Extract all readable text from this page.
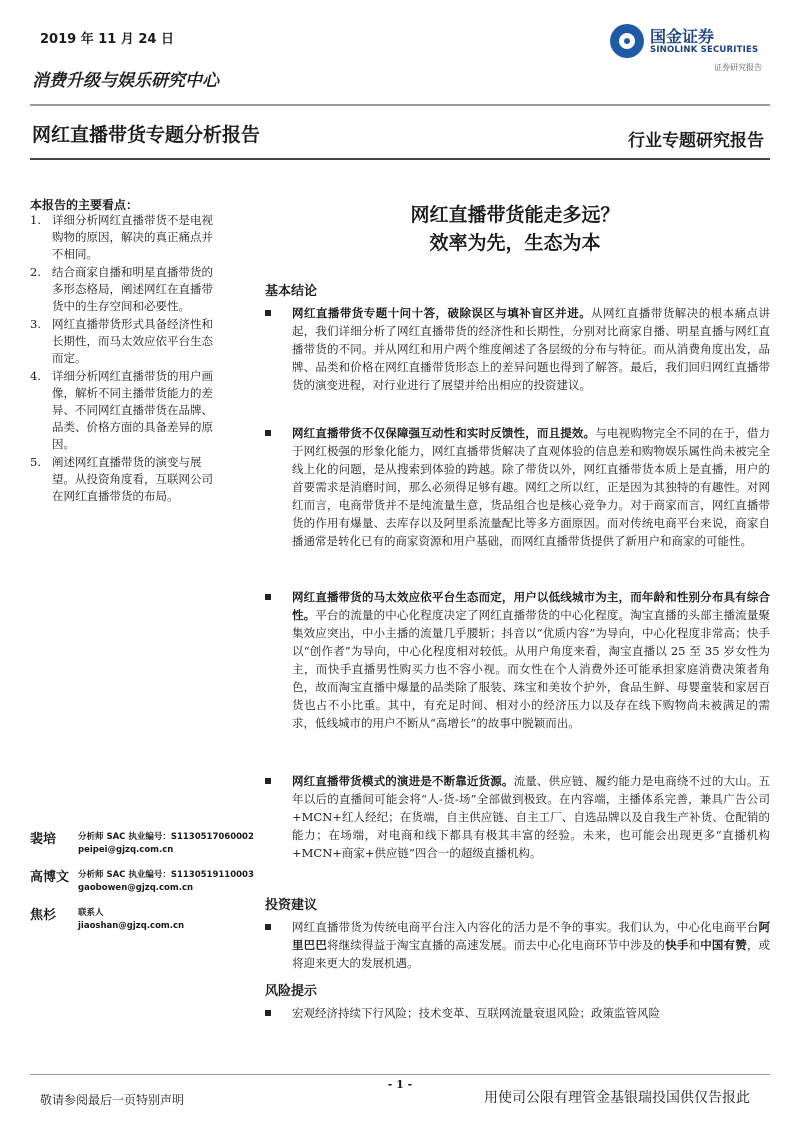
2019 年 11 月 24 日	国金证券
SINOLINK SECURITIES
证券研究报告
消费升级与娱乐研究中心
网红直播带货专题分析报告	行业专题研究报告
本报告的主要看点：
1. 详细分析网红直播带货不是电视购物的原因，解决的真正痛点并不相同。
2. 结合商家自播和明星直播带货的多形态格局，阐述网红在直播带货中的生存空间和必要性。
3. 网红直播带货形式具备经济性和长期性，而马太效应依平台生态而定。
4. 详细分析网红直播带货的用户画像，解析不同主播带货能力的差异、不同网红直播带货在品牌、品类、价格方面的具备差异的原因。
5. 阐述网红直播带货的演变与展望。从投资角度看，互联网公司在网红直播带货的布局。
裴培	分析师 SAC 执业编号：S1130517060002
peipei@gjzq.com.cn
高博文 分析师 SAC 执业编号：S1130519110003
gaobowen@gjzq.com.cn
焦杉	联系人
jiaoshan@gjzq.com.cn
网红直播带货能走多远？
效率为先，生态为本
基本结论
网红直播带货专题十问十答，破除误区与填补盲区并进。从网红直播带货解决的根本痛点讲起，我们详细分析了网红直播带货的经济性和长期性，分别对比商家自播、明星直播与网红直播带货的不同。并从网红和用户两个维度阐述了各层级的分布与特征。而从消费角度出发，品牌、品类和价格在网红直播带货形态上的差异问题也得到了解答。最后，我们回归网红直播带货的演变进程，对行业进行了展望并给出相应的投资建议。
网红直播带货不仅保障强互动性和实时反馈性，而且提效。与电视购物完全不同的在于，借力于网红极强的形象化能力，网红直播带货解决了直观体验的信息差和购物娱乐属性尚未被完全线上化的问题，是从搜索到体验的跨越。除了带货以外，网红直播带货本质上是直播，用户的首要需求是消磨时间，那么必须得足够有趣。网红之所以红，正是因为其独特的有趣性。对网红而言，电商带货并不是纯流量生意，货品组合也是核心竞争力。对于商家而言，网红直播带货的作用有爆量、去库存以及阿里系流量配比等多方面原因。而对传统电商平台来说，商家自播通常是转化已有的商家资源和用户基础，而网红直播带货提供了新用户和商家的可能性。
网红直播带货的马太效应依平台生态而定，用户以低线城市为主，而年龄和性别分布具有综合性。平台的流量的中心化程度决定了网红直播带货的中心化程度。淘宝直播的头部主播流量聚集效应突出，中小主播的流量几乎腰斩；抖音以“优质内容”为导向，中心化程度非常高；快手以“创作者”为导向，中心化程度相对较低。从用户角度来看，淘宝直播以 25 至 35 岁女性为主，而快手直播男性购买力也不容小视。而女性在个人消费外还可能承担家庭消费决策者角色，故而淘宝直播中爆量的品类除了服装、珠宝和美妆个护外，食品生鲜、母婴童装和家居百货也占不小比重。其中，有充足时间、相对小的经济压力以及存在线下购物尚未被满足的需求，低线城市的用户不断从“高增长”的故事中脱颖而出。
网红直播带货模式的演进是不断靠近货源。流量、供应链、履约能力是电商绕不过的大山。五年以后的直播间可能会将“人-货-场”全部做到极致。在内容端，主播体系完善，兼具广告公司+MCN+红人经纪；在货端，自主供应链、自主工厂、自选品牌以及自我生产补货、仓配销的能力；在场端，对电商和线下都具有极其丰富的经验。未来，也可能会出现更多“直播机构+MCN+商家+供应链”四合一的超级直播机构。
投资建议
网红直播带货为传统电商平台注入内容化的活力是不争的事实。我们认为，中心化电商平台阿里巴巴将继续得益于淘宝直播的高速发展。而去中心化电商环节中涉及的快手和中国有赞，或将迎来更大的发展机遇。
风险提示
宏观经济持续下行风险；技术变革、互联网流量衰退风险；政策监管风险
- 1 -
敬请参阅最后一页特别声明	用使司公限有理管金基银瑞投国供仅告报此
